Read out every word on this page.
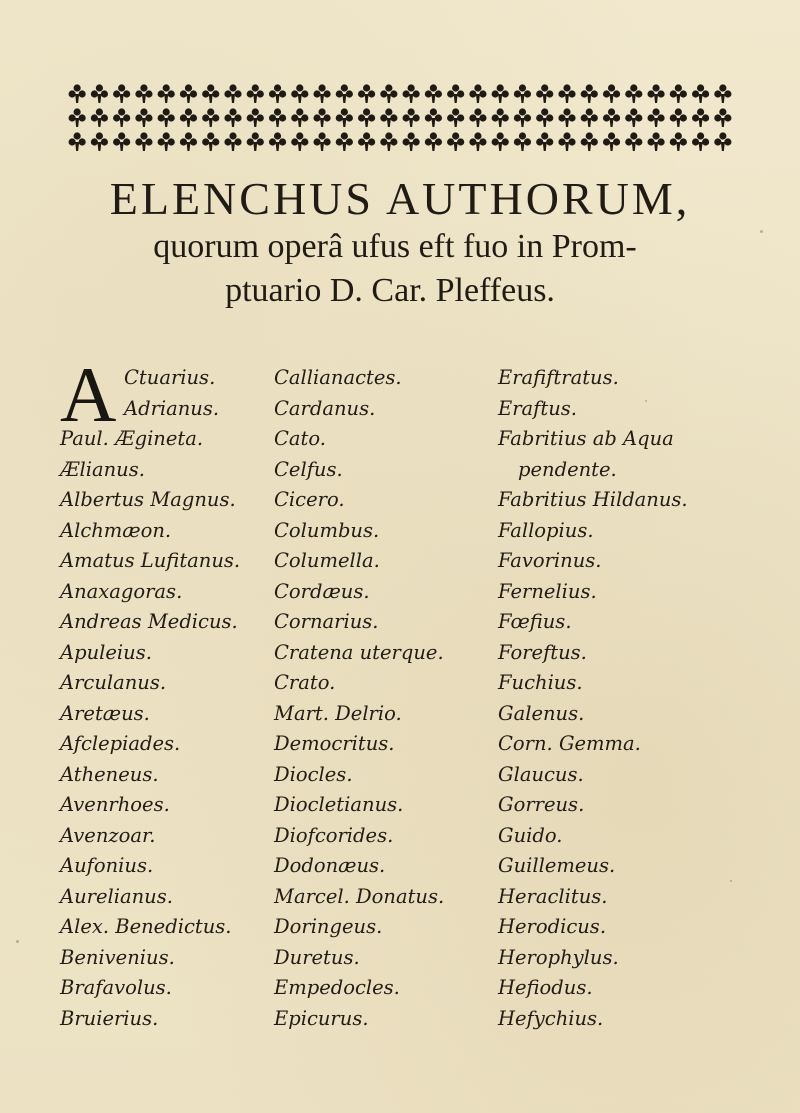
ELENCHUS AUTHORUM,
quorum operâ ufus eft fuo in Prom-
ptuario D. Car. Pleffeus.
A Ctuarius.
Adrianus.
Paul. Ægineta.
Ælianus.
Albertus Magnus.
Alchmæon.
Amatus Lufitanus.
Anaxagoras.
Andreas Medicus.
Apuleius.
Arculanus.
Aretæus.
Afclepiades.
Atheneus.
Avenrhoes.
Avenzoar.
Aufonius.
Aurelianus.
Alex. Benedictus.
Benivenius.
Brafavolus.
Bruierius.
Callianactes.
Cardanus.
Cato.
Celfus.
Cicero.
Columbus.
Columella.
Cordæus.
Cornarius.
Cratena uterque.
Crato.
Mart. Delrio.
Democritus.
Diocles.
Diocletianus.
Diofcorides.
Dodonæus.
Marcel. Donatus.
Doringeus.
Duretus.
Empedocles.
Epicurus.
Erafiftratus.
Eraftus.
Fabritius ab Aqua
pendente.
Fabritius Hildanus.
Fallopius.
Favorinus.
Fernelius.
Fœfius.
Foreftus.
Fuchius.
Galenus.
Corn. Gemma.
Glaucus.
Gorreus.
Guido.
Guillemeus.
Heraclitus.
Herodicus.
Herophylus.
Hefiodus.
Hefychius.
